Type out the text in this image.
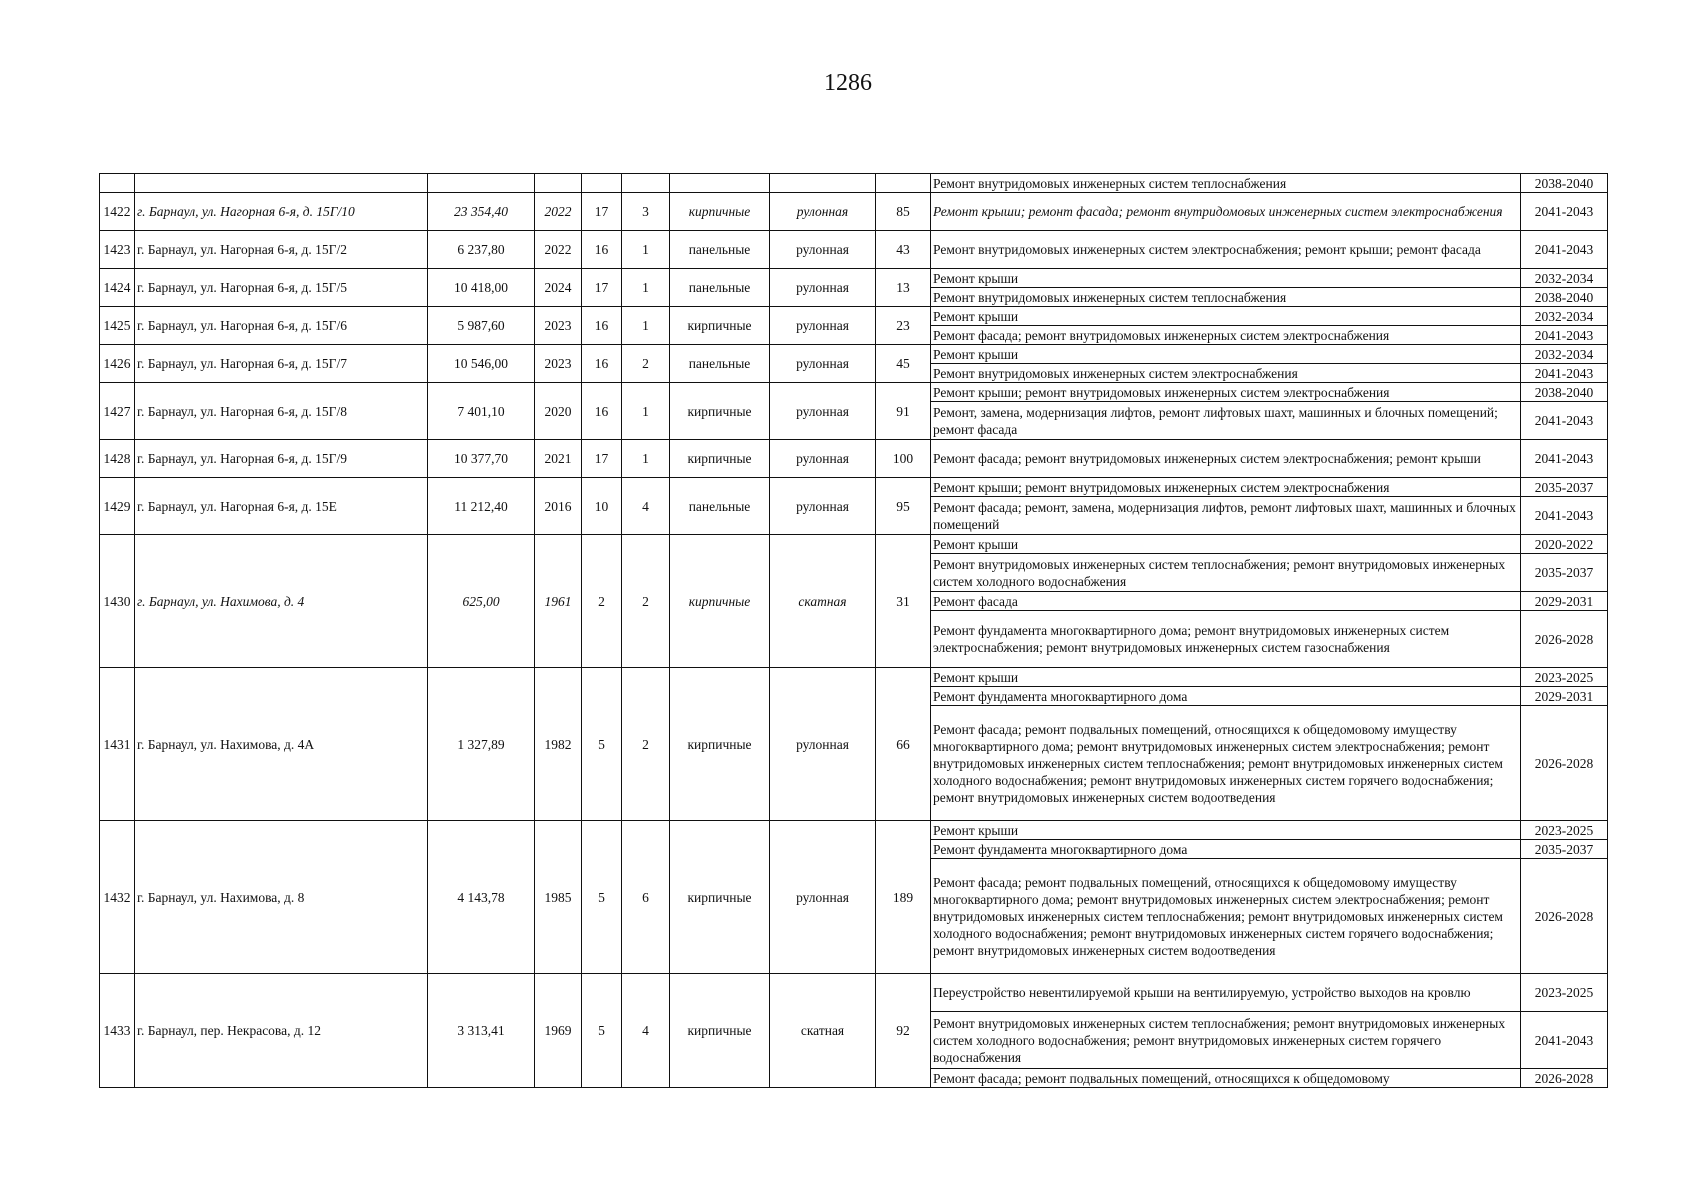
1286
									Ремонт внутридомовых инженерных систем теплоснабжения	2038-2040
1422	г. Барнаул, ул. Нагорная 6-я, д. 15Г/10	23 354,40	2022	17	3	кирпичные	рулонная	85	Ремонт крыши; ремонт фасада; ремонт внутридомовых инженерных систем электроснабжения	2041-2043
1423	г. Барнаул, ул. Нагорная 6-я, д. 15Г/2	6 237,80	2022	16	1	панельные	рулонная	43	Ремонт внутридомовых инженерных систем электроснабжения; ремонт крыши; ремонт фасада	2041-2043
1424	г. Барнаул, ул. Нагорная 6-я, д. 15Г/5	10 418,00	2024	17	1	панельные	рулонная	13	Ремонт крыши	2032-2034
									Ремонт внутридомовых инженерных систем теплоснабжения	2038-2040
1425	г. Барнаул, ул. Нагорная 6-я, д. 15Г/6	5 987,60	2023	16	1	кирпичные	рулонная	23	Ремонт крыши	2032-2034
									Ремонт фасада; ремонт внутридомовых инженерных систем электроснабжения	2041-2043
1426	г. Барнаул, ул. Нагорная 6-я, д. 15Г/7	10 546,00	2023	16	2	панельные	рулонная	45	Ремонт крыши	2032-2034
									Ремонт внутридомовых инженерных систем электроснабжения	2041-2043
1427	г. Барнаул, ул. Нагорная 6-я, д. 15Г/8	7 401,10	2020	16	1	кирпичные	рулонная	91	Ремонт крыши; ремонт внутридомовых инженерных систем электроснабжения	2038-2040
									Ремонт, замена, модернизация лифтов, ремонт лифтовых шахт, машинных и блочных помещений; ремонт фасада	2041-2043
1428	г. Барнаул, ул. Нагорная 6-я, д. 15Г/9	10 377,70	2021	17	1	кирпичные	рулонная	100	Ремонт фасада; ремонт внутридомовых инженерных систем электроснабжения; ремонт крыши	2041-2043
1429	г. Барнаул, ул. Нагорная 6-я, д. 15Е	11 212,40	2016	10	4	панельные	рулонная	95	Ремонт крыши; ремонт внутридомовых инженерных систем электроснабжения	2035-2037
									Ремонт фасада; ремонт, замена, модернизация лифтов, ремонт лифтовых шахт, машинных и блочных помещений	2041-2043
1430	г. Барнаул, ул. Нахимова, д. 4	625,00	1961	2	2	кирпичные	скатная	31	Ремонт крыши	2020-2022
									Ремонт внутридомовых инженерных систем теплоснабжения; ремонт внутридомовых инженерных систем холодного водоснабжения	2035-2037
									Ремонт фасада	2029-2031
									Ремонт фундамента многоквартирного дома; ремонт внутридомовых инженерных систем электроснабжения; ремонт внутридомовых инженерных систем газоснабжения	2026-2028
1431	г. Барнаул, ул. Нахимова, д. 4А	1 327,89	1982	5	2	кирпичные	рулонная	66	Ремонт крыши	2023-2025
									Ремонт фундамента многоквартирного дома	2029-2031
									Ремонт фасада; ремонт подвальных помещений, относящихся к общедомовому имуществу многоквартирного дома; ремонт внутридомовых инженерных систем электроснабжения; ремонт внутридомовых инженерных систем теплоснабжения; ремонт внутридомовых инженерных систем холодного водоснабжения; ремонт внутридомовых инженерных систем горячего водоснабжения; ремонт внутридомовых инженерных систем водоотведения	2026-2028
1432	г. Барнаул, ул. Нахимова, д. 8	4 143,78	1985	5	6	кирпичные	рулонная	189	Ремонт крыши	2023-2025
									Ремонт фундамента многоквартирного дома	2035-2037
									Ремонт фасада; ремонт подвальных помещений, относящихся к общедомовому имуществу многоквартирного дома; ремонт внутридомовых инженерных систем электроснабжения; ремонт внутридомовых инженерных систем теплоснабжения; ремонт внутридомовых инженерных систем холодного водоснабжения; ремонт внутридомовых инженерных систем горячего водоснабжения; ремонт внутридомовых инженерных систем водоотведения	2026-2028
1433	г. Барнаул, пер. Некрасова, д. 12	3 313,41	1969	5	4	кирпичные	скатная	92	Переустройство невентилируемой крыши на вентилируемую, устройство выходов на кровлю	2023-2025
									Ремонт внутридомовых инженерных систем теплоснабжения; ремонт внутридомовых инженерных систем холодного водоснабжения; ремонт внутридомовых инженерных систем горячего водоснабжения	2041-2043
									Ремонт фасада; ремонт подвальных помещений, относящихся к общедомовому	2026-2028
